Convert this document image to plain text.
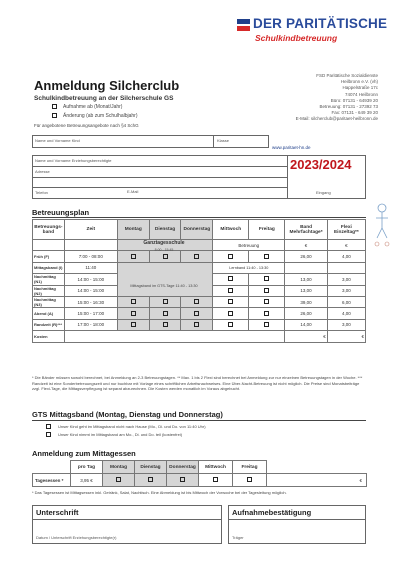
DER PARITÄTISCHE
Schulkindbetreuung
FSD Paritätische Sozialdienste
Heilbronn e.V. (vh)
Happelstraße 17c
74074 Heilbronn
Büro: 07131 - 64939 20
Betreuung: 07131 - 27392 73
Fax: 07131 - 649 39 20
E-Mail: silcherclub@paritaet-heilbronn.de
Anmeldung Silcherclub
Schulkindbetreuung an der Silcherschule GS
Aufnahme ab (Monat/Jahr)
Änderung (ab zum Schulhalbjahr)
Für angebotene Betreuungsangebote nach §4 SchG
Name und Vorname Kind	Klasse
www.paritaet-hn.de
Name und Vorname Erziehungsberechtigte
Adresse
Telefon	E-Mail
2023/2024
Eingang
Betreuungsplan
Betreuungs-band	Zeit	Montag	Dienstag	Donnerstag	Mittwoch	Freitag	Band Mehrfachtage*	Flexi Einzeltag**
					Betreuung		€	€
Früh (F)	7:00 - 08:00						26,00	4,00
Mittagsband (I)	11:40				Lernband 11:40 - 13:30			
Nachmittag (N1)	14:00 - 15:00						13,00	3,00
Nachmittag (N2)	14:00 - 15:00						13,00	3,00
Nachmittag (N3)	15:00 - 16:30						39,00	6,00
Abend (A)	15:00 - 17:00						26,00	4,00
Randzeit (R)***	17:00 - 18:00						14,00	3,00
Kosten							€	€
Ganztagesschule
8:00 - 15:45
Mittagsband im GTS-Tage 11:40 - 13:30
* Die Bänder müssen sowohl berechnet, bei Anmeldung an 2-3 Betreuungstagen. ** Max. 1 bis 2 Flexi sind berechnet bei Anmeldung zur nur einzelnen Betreuungstagen in der Woche. *** Randzeit ist eine Sonderbetreuungszeit und nur buchbar mit Vorlage eines schriftlichen Arbeitsnachweises. Eine Über-Nacht-Betreuung ist nicht möglich. Die Preise sind Monatsbeiträge zzgl. Flexi-Tage, die Mittagsverpflegung ist separat abzurechnen. Die Kosten werden monatlich im Voraus abgebucht.
GTS Mittagsband (Montag, Dienstag und Donnerstag)
Unser Kind geht im Mittagsband nicht nach Hause (Mo., Di. und Do. von 11:40 Uhr)
Unser Kind nimmt im Mittagsband am Mo., Di. und Do. teil (kostenfrei)
Anmeldung zum Mittagessen
	pro Tag	Montag	Dienstag	Donnerstag	Mittwoch	Freitag	
Tagesessen *	3,95 €						€
* Das Tagesessen ist Mittagsessen inkl. Getränk, Salat, Nachtisch. Eine Abmeldung ist bis Mittwoch der Vorwoche bei der Tagesleitung möglich.
Unterschrift
Datum / Unterschrift Erziehungsberechtigte(r)
Aufnahmebestätigung
Träger
